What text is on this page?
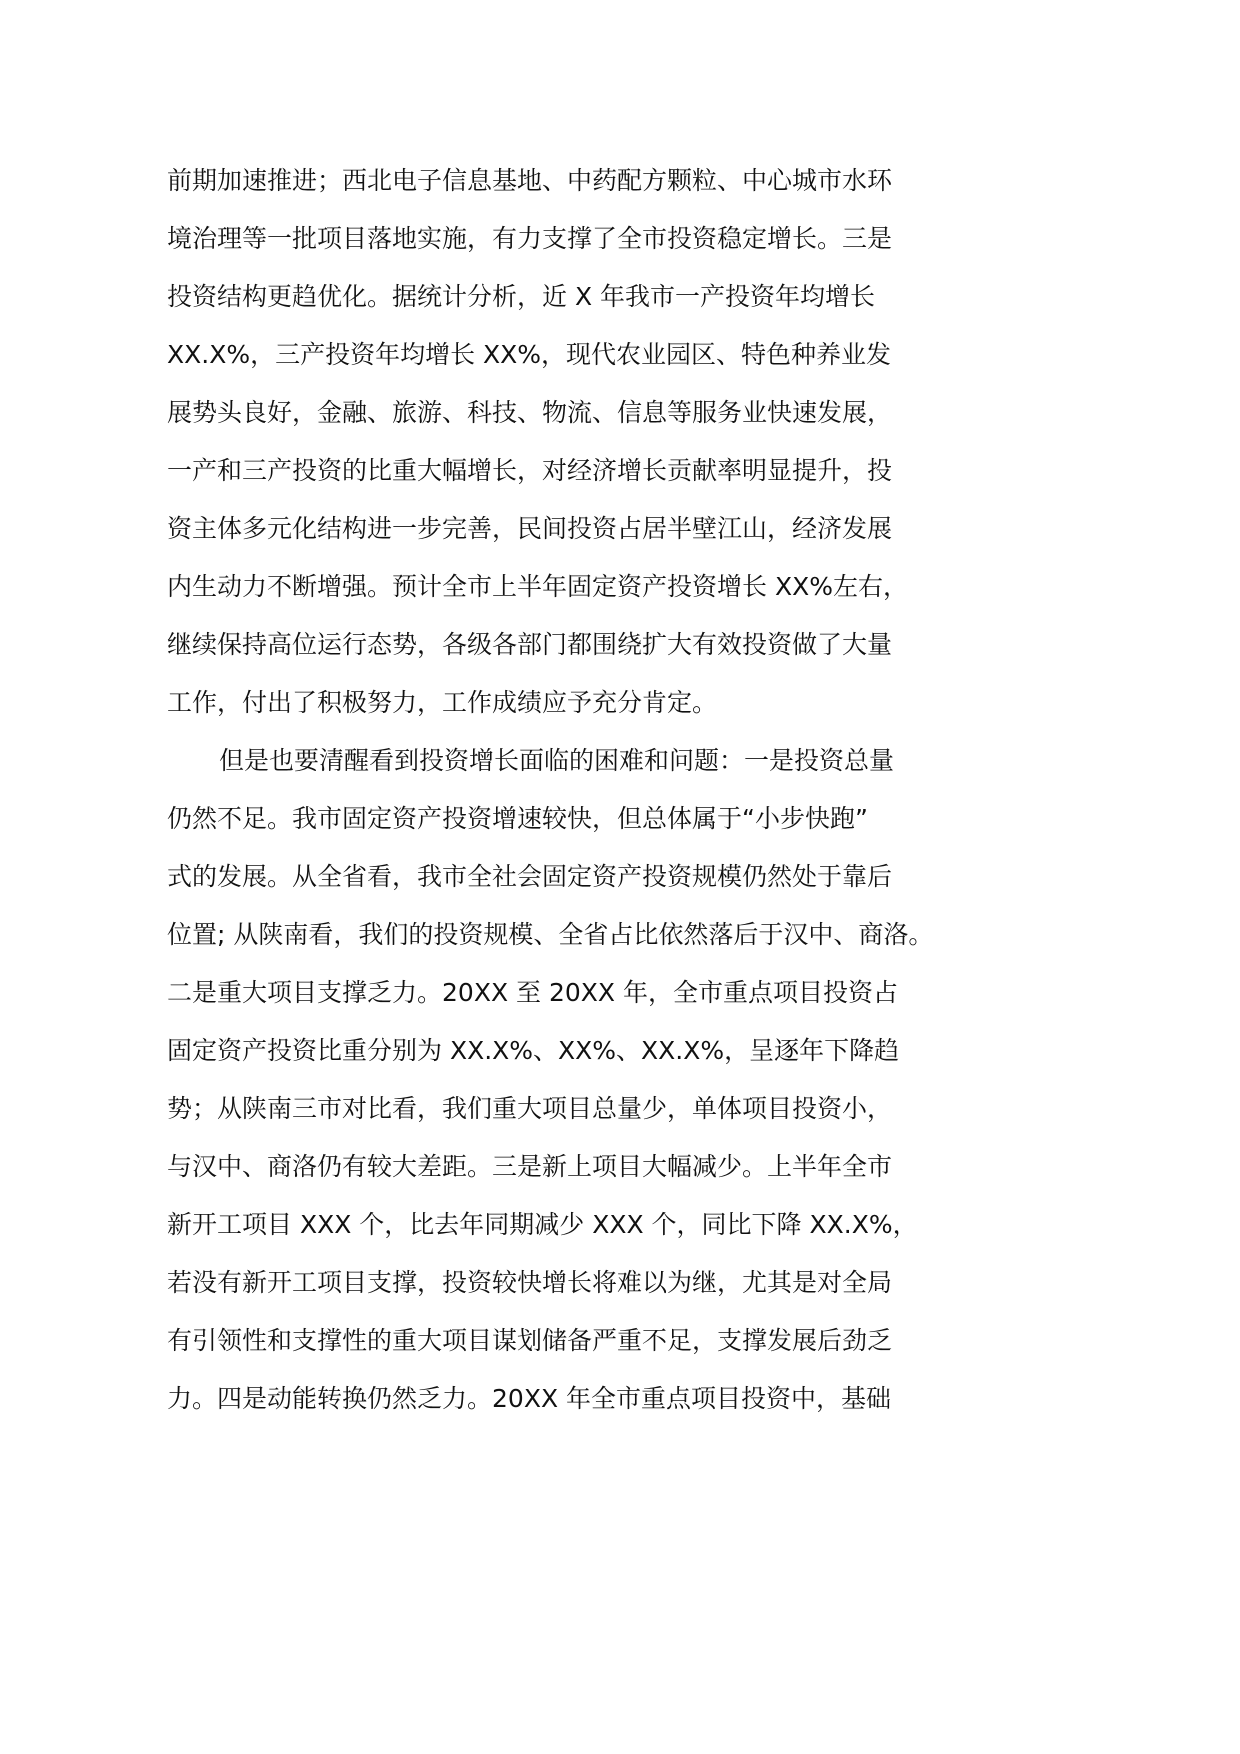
前期加速推进；西北电子信息基地、中药配方颗粒、中心城市水环
境治理等一批项目落地实施，有力支撑了全市投资稳定增长。三是
投资结构更趋优化。据统计分析，近 X 年我市一产投资年均增长
XX.X%，三产投资年均增长 XX%，现代农业园区、特色种养业发
展势头良好，金融、旅游、科技、物流、信息等服务业快速发展，
一产和三产投资的比重大幅增长，对经济增长贡献率明显提升，投
资主体多元化结构进一步完善，民间投资占居半壁江山，经济发展
内生动力不断增强。预计全市上半年固定资产投资增长 XX%左右，
继续保持高位运行态势，各级各部门都围绕扩大有效投资做了大量
工作，付出了积极努力，工作成绩应予充分肯定。
但是也要清醒看到投资增长面临的困难和问题：一是投资总量
仍然不足。我市固定资产投资增速较快，但总体属于“小步快跑”
式的发展。从全省看，我市全社会固定资产投资规模仍然处于靠后
位置; 从陕南看，我们的投资规模、全省占比依然落后于汉中、商洛。
二是重大项目支撑乏力。20XX 至 20XX 年，全市重点项目投资占
固定资产投资比重分别为 XX.X%、XX%、XX.X%，呈逐年下降趋
势；从陕南三市对比看，我们重大项目总量少，单体项目投资小，
与汉中、商洛仍有较大差距。三是新上项目大幅减少。上半年全市
新开工项目 XXX 个，比去年同期减少 XXX 个，同比下降 XX.X%，
若没有新开工项目支撑，投资较快增长将难以为继，尤其是对全局
有引领性和支撑性的重大项目谋划储备严重不足，支撑发展后劲乏
力。四是动能转换仍然乏力。20XX 年全市重点项目投资中，基础
